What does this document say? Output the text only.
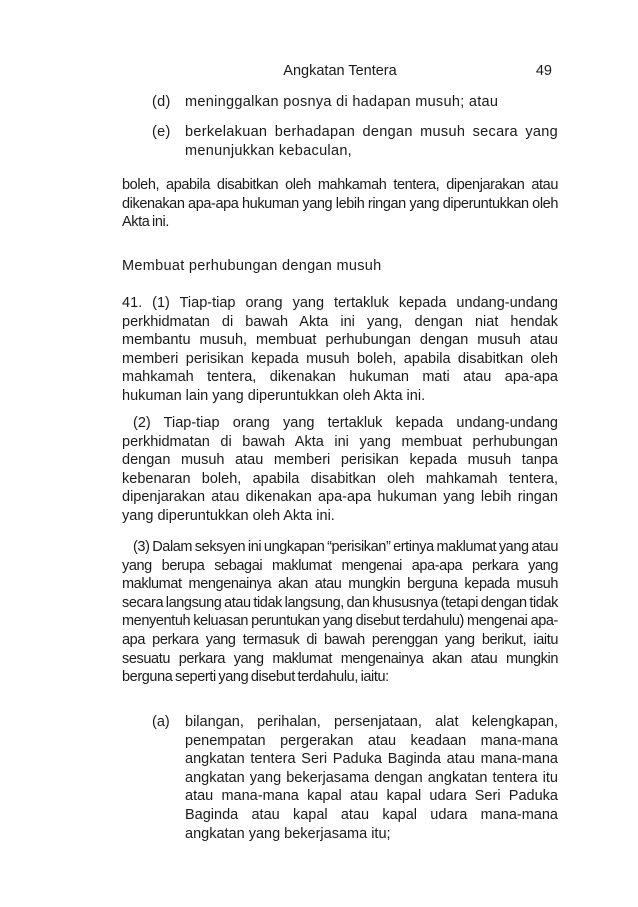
Angkatan Tentera	49
(d) meninggalkan posnya di hadapan musuh; atau
(e) berkelakuan berhadapan dengan musuh secara yang menunjukkan kebaculan,
boleh, apabila disabitkan oleh mahkamah tentera, dipenjarakan atau dikenakan apa-apa hukuman yang lebih ringan yang diperuntukkan oleh Akta ini.
Membuat perhubungan dengan musuh
41. (1) Tiap-tiap orang yang tertakluk kepada undang-undang perkhidmatan di bawah Akta ini yang, dengan niat hendak membantu musuh, membuat perhubungan dengan musuh atau memberi perisikan kepada musuh boleh, apabila disabitkan oleh mahkamah tentera, dikenakan hukuman mati atau apa-apa hukuman lain yang diperuntukkan oleh Akta ini.
(2) Tiap-tiap orang yang tertakluk kepada undang-undang perkhidmatan di bawah Akta ini yang membuat perhubungan dengan musuh atau memberi perisikan kepada musuh tanpa kebenaran boleh, apabila disabitkan oleh mahkamah tentera, dipenjarakan atau dikenakan apa-apa hukuman yang lebih ringan yang diperuntukkan oleh Akta ini.
(3) Dalam seksyen ini ungkapan “perisikan” ertinya maklumat yang atau yang berupa sebagai maklumat mengenai apa-apa perkara yang maklumat mengenainya akan atau mungkin berguna kepada musuh secara langsung atau tidak langsung, dan khususnya (tetapi dengan tidak menyentuh keluasan peruntukan yang disebut terdahulu) mengenai apa-apa perkara yang termasuk di bawah perenggan yang berikut, iaitu sesuatu perkara yang maklumat mengenainya akan atau mungkin berguna seperti yang disebut terdahulu, iaitu:
(a) bilangan, perihalan, persenjataan, alat kelengkapan, penempatan pergerakan atau keadaan mana-mana angkatan tentera Seri Paduka Baginda atau mana-mana angkatan yang bekerjasama dengan angkatan tentera itu atau mana-mana kapal atau kapal udara Seri Paduka Baginda atau kapal atau kapal udara mana-mana angkatan yang bekerjasama itu;
